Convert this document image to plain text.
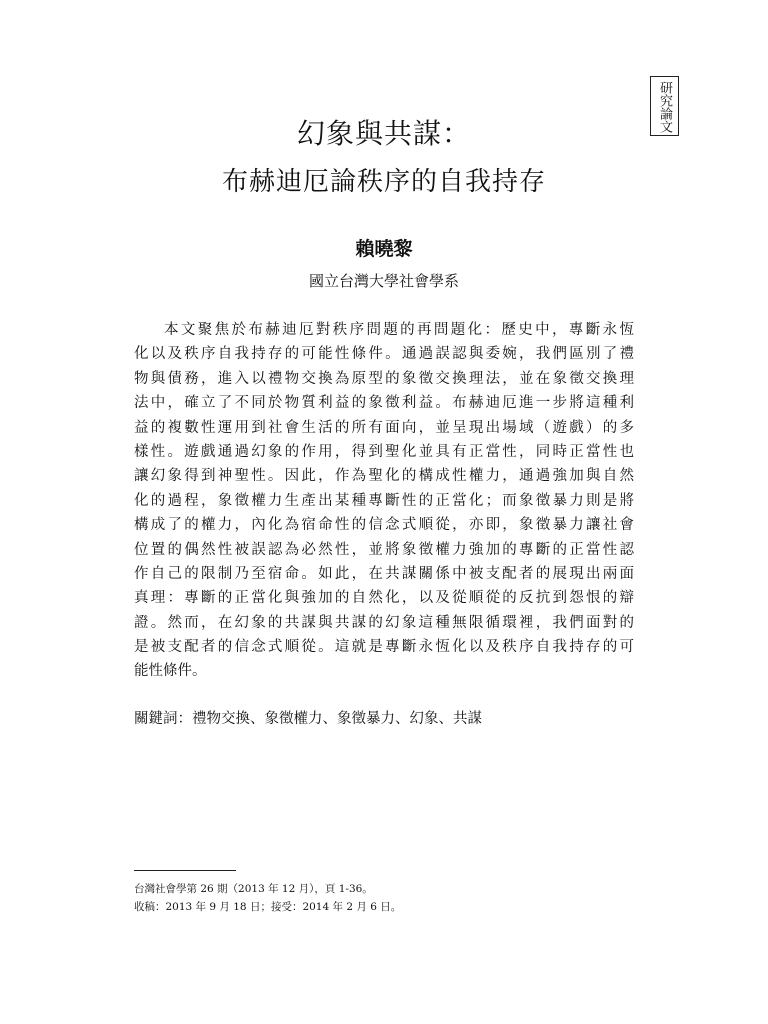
研究論文
幻象與共謀：
布赫迪厄論秩序的自我持存
賴曉黎
國立台灣大學社會學系
本文聚焦於布赫迪厄對秩序問題的再問題化：歷史中，專斷永恆
化以及秩序自我持存的可能性條件。通過誤認與委婉，我們區別了禮
物與債務，進入以禮物交換為原型的象徵交換理法，並在象徵交換理
法中，確立了不同於物質利益的象徵利益。布赫迪厄進一步將這種利
益的複數性運用到社會生活的所有面向，並呈現出場域（遊戲）的多
樣性。遊戲通過幻象的作用，得到聖化並具有正當性，同時正當性也
讓幻象得到神聖性。因此，作為聖化的構成性權力，通過強加與自然
化的過程，象徵權力生產出某種專斷性的正當化；而象徵暴力則是將
構成了的權力，內化為宿命性的信念式順從，亦即，象徵暴力讓社會
位置的偶然性被誤認為必然性，並將象徵權力強加的專斷的正當性認
作自己的限制乃至宿命。如此，在共謀關係中被支配者的展現出兩面
真理：專斷的正當化與強加的自然化，以及從順從的反抗到怨恨的辯
證。然而，在幻象的共謀與共謀的幻象這種無限循環裡，我們面對的
是被支配者的信念式順從。這就是專斷永恆化以及秩序自我持存的可
能性條件。
關鍵詞：禮物交換、象徵權力、象徵暴力、幻象、共謀
台灣社會學第 26 期（2013 年 12 月），頁 1-36。
收稿：2013 年 9 月 18 日；接受：2014 年 2 月 6 日。
